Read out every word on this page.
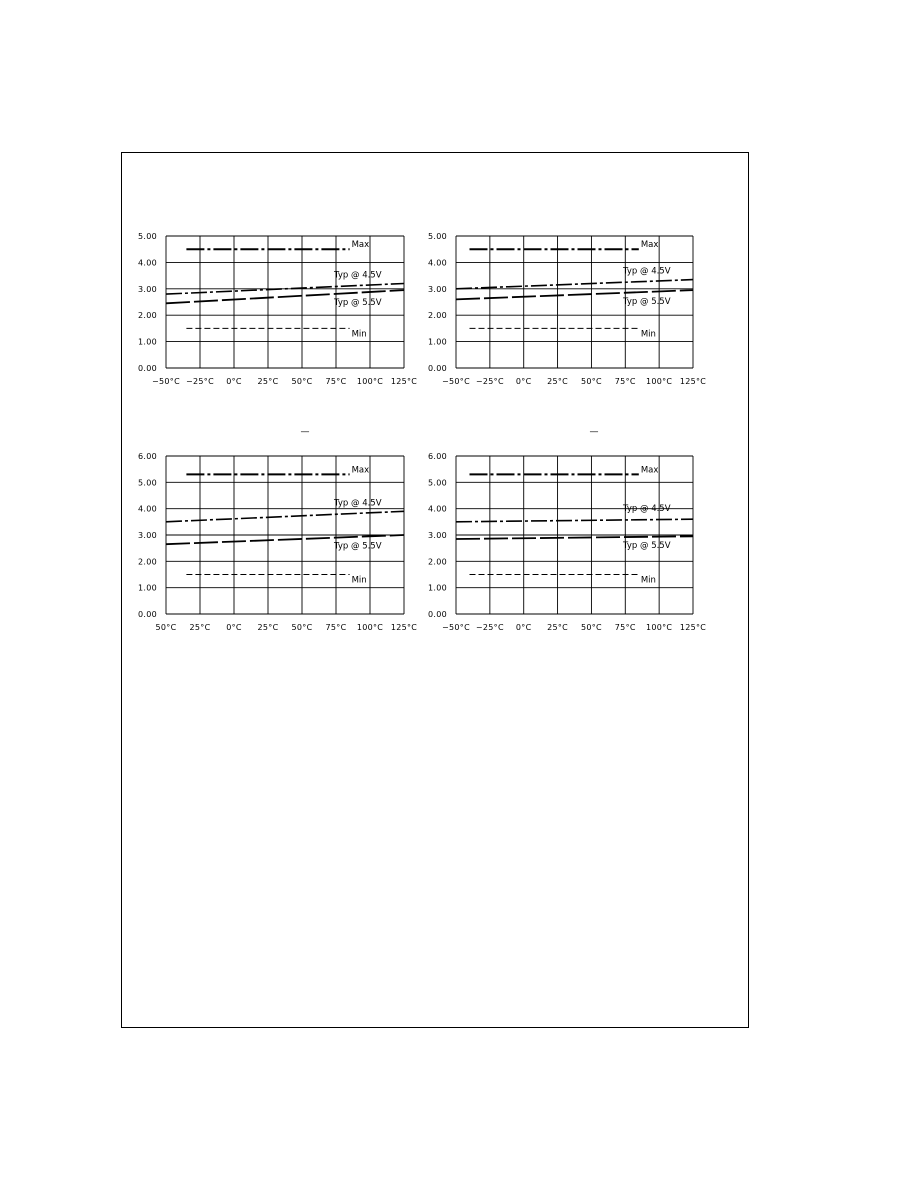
0.00
1.00
2.00
3.00
4.00
5.00
−50°C −25°C 0°C 25°C 50°C 75°C 100°C 125°C
Max
Typ @ 4.5V
Typ @ 5.5V
Min
0.00
1.00
2.00
3.00
4.00
5.00
−50°C −25°C 0°C 25°C 50°C 75°C 100°C 125°C
Max
Typ @ 4.5V
Typ @ 5.5V
Min
—
0.00
1.00
2.00
3.00
4.00
5.00
6.00
50°C 25°C 0°C 25°C 50°C 75°C 100°C 125°C
Max
Typ @ 4.5V
Typ @ 5.5V
Min
—
0.00
1.00
2.00
3.00
4.00
5.00
6.00
−50°C −25°C 0°C 25°C 50°C 75°C 100°C 125°C
Max
Typ @ 4.5V
Typ @ 5.5V
Min
